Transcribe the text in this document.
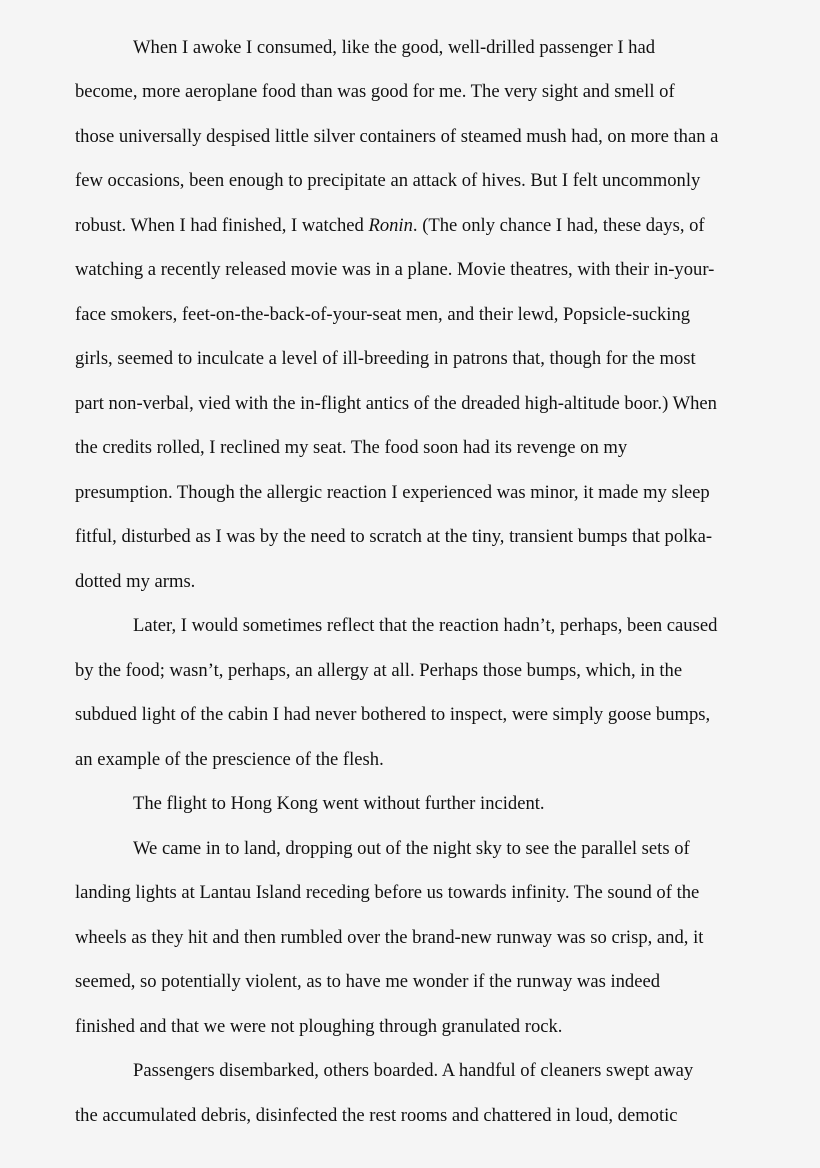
When I awoke I consumed, like the good, well-drilled passenger I had
become, more aeroplane food than was good for me. The very sight and smell of
those universally despised little silver containers of steamed mush had, on more than a
few occasions, been enough to precipitate an attack of hives. But I felt uncommonly
robust. When I had finished, I watched Ronin. (The only chance I had, these days, of
watching a recently released movie was in a plane. Movie theatres, with their in-your-
face smokers, feet-on-the-back-of-your-seat men, and their lewd, Popsicle-sucking
girls, seemed to inculcate a level of ill-breeding in patrons that, though for the most
part non-verbal, vied with the in-flight antics of the dreaded high-altitude boor.) When
the credits rolled, I reclined my seat. The food soon had its revenge on my
presumption. Though the allergic reaction I experienced was minor, it made my sleep
fitful, disturbed as I was by the need to scratch at the tiny, transient bumps that polka-
dotted my arms.
Later, I would sometimes reflect that the reaction hadn’t, perhaps, been caused
by the food; wasn’t, perhaps, an allergy at all. Perhaps those bumps, which, in the
subdued light of the cabin I had never bothered to inspect, were simply goose bumps,
an example of the prescience of the flesh.
The flight to Hong Kong went without further incident.
We came in to land, dropping out of the night sky to see the parallel sets of
landing lights at Lantau Island receding before us towards infinity. The sound of the
wheels as they hit and then rumbled over the brand-new runway was so crisp, and, it
seemed, so potentially violent, as to have me wonder if the runway was indeed
finished and that we were not ploughing through granulated rock.
Passengers disembarked, others boarded. A handful of cleaners swept away
the accumulated debris, disinfected the rest rooms and chattered in loud, demotic
